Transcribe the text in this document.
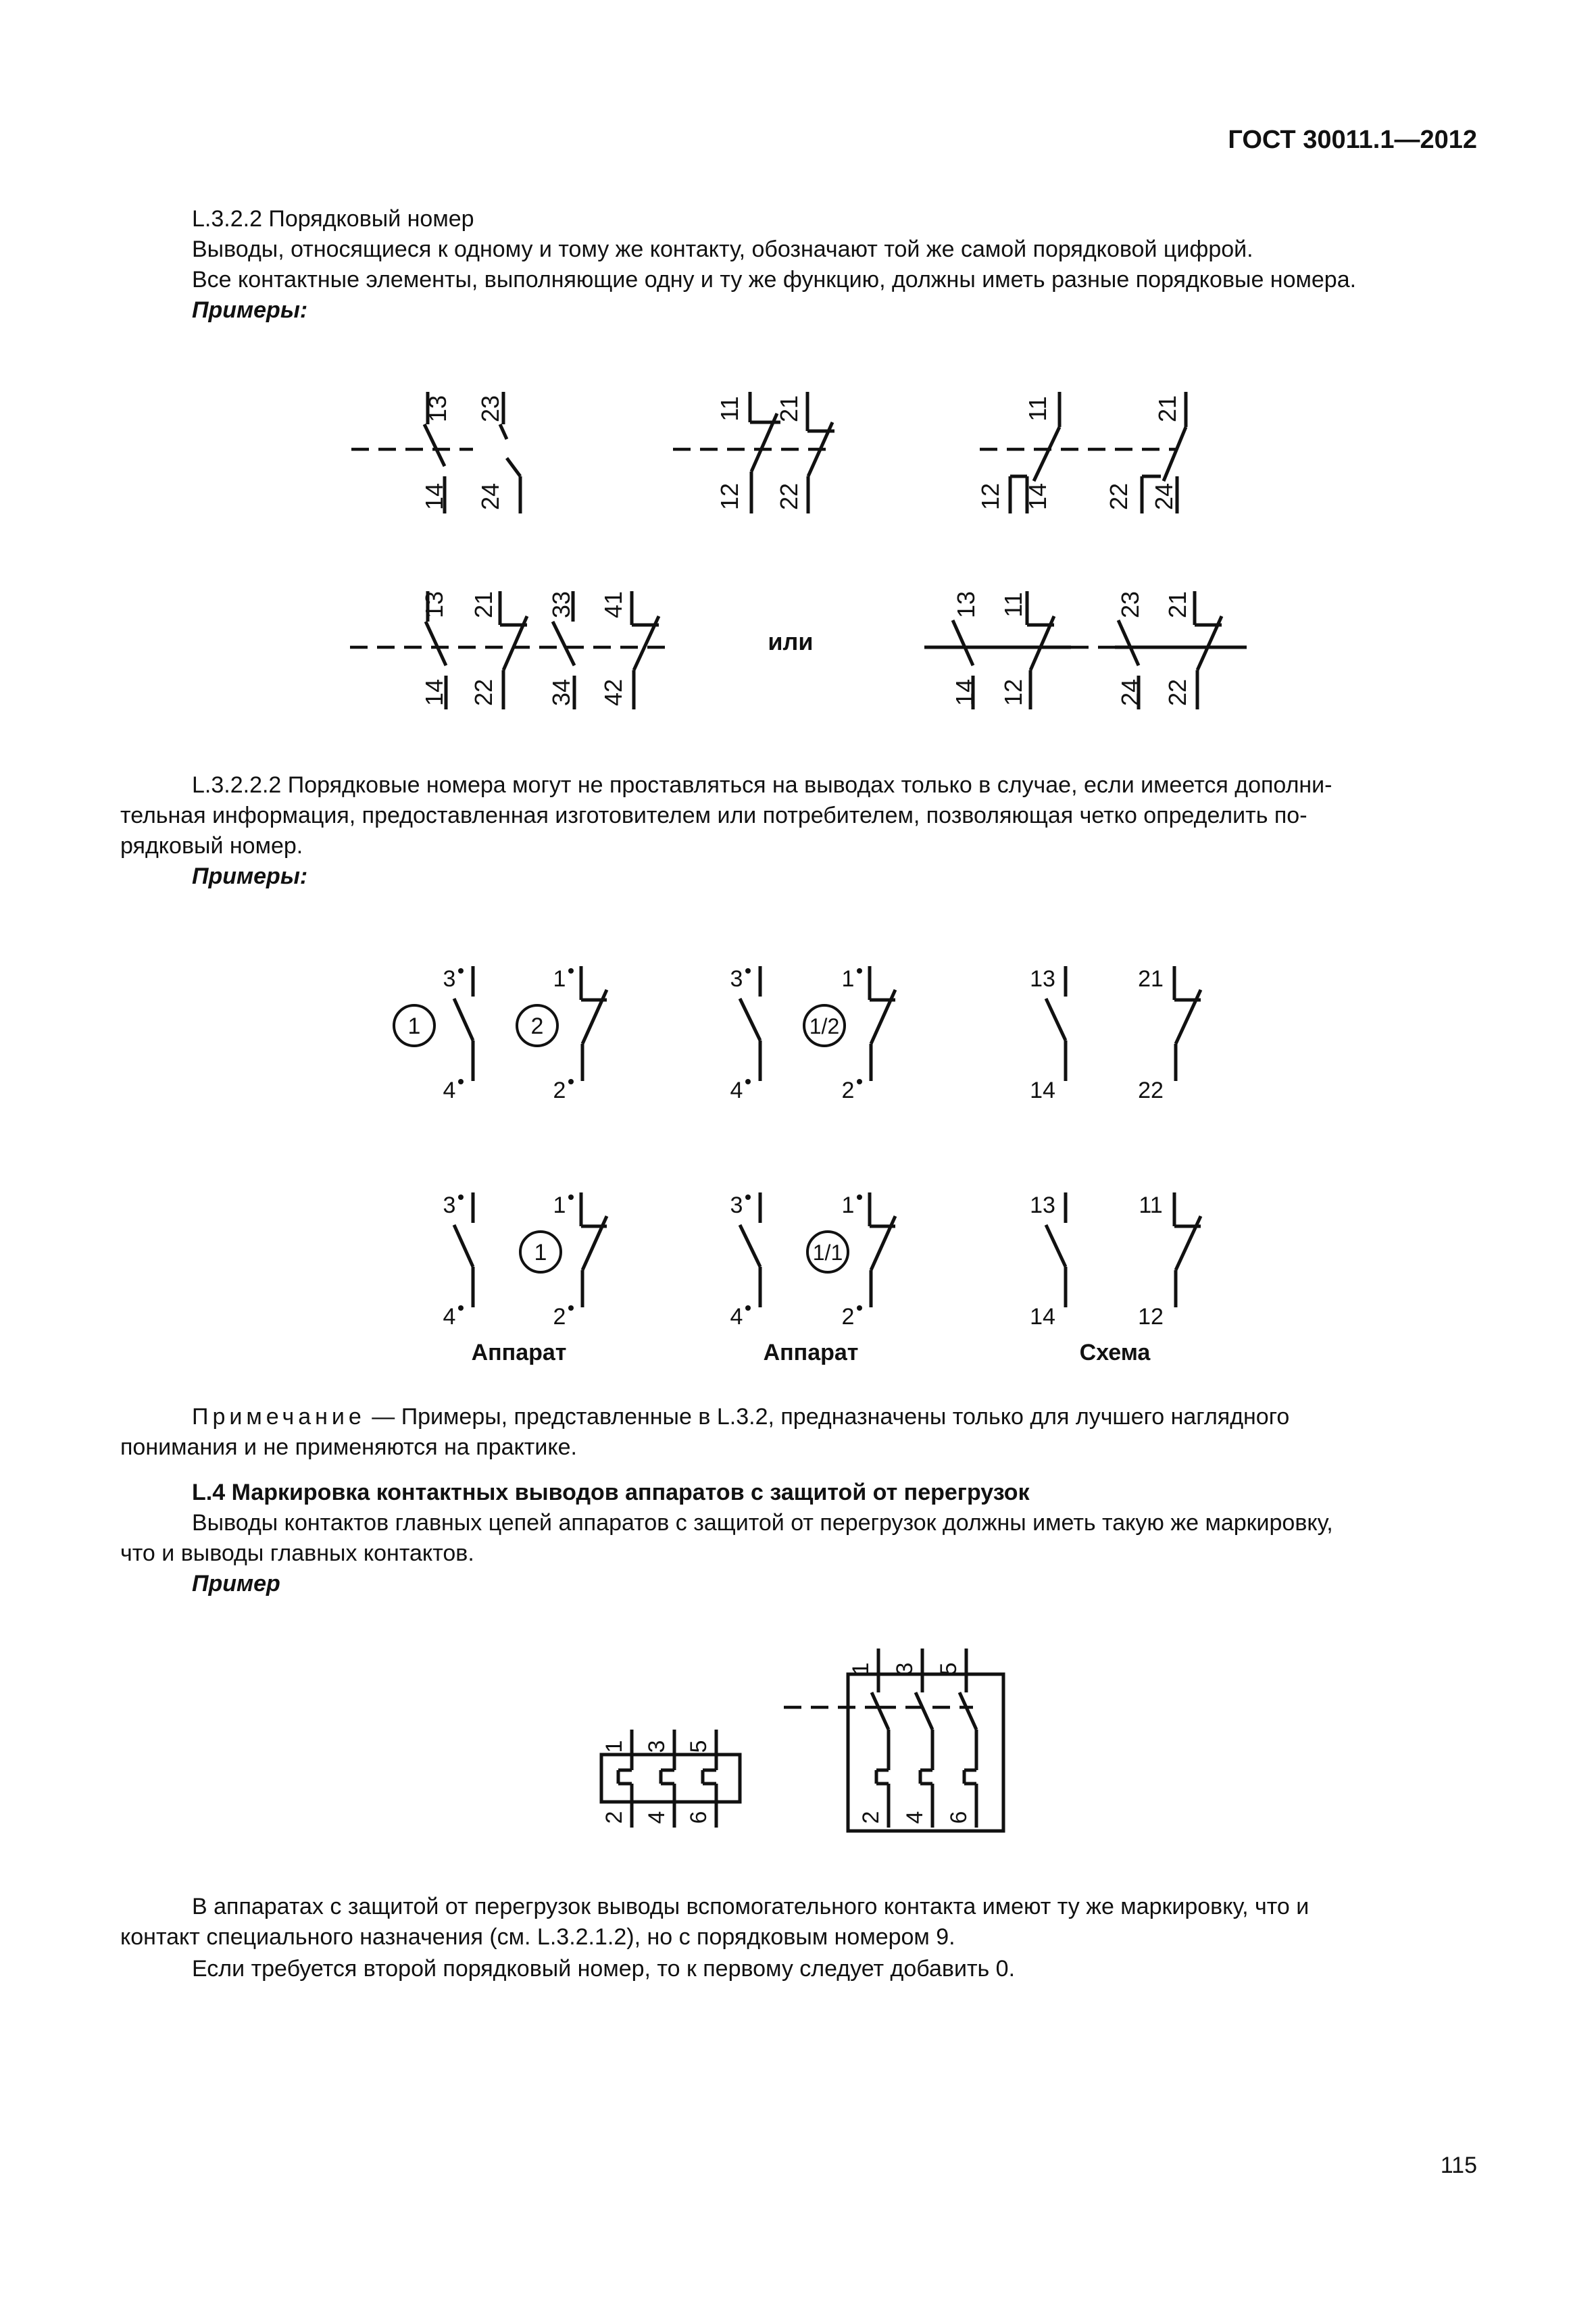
ГОСТ 30011.1—2012
L.3.2.2 Порядковый номер
Выводы, относящиеся к одному и тому же контакту, обозначают той же самой порядковой цифрой.
Все контактные элементы, выполняющие одну и ту же функцию, должны иметь разные порядковые номера.
Примеры:
13 23
14 24
11 21
12 22
11	21
12 14 22 24
13 21 33 41
14 22 34 42
или
13 11	23 21
14 12	24 22
L.3.2.2.2 Порядковые номера могут не проставляться на выводах только в случае, если имеется дополни-
тельная информация, предоставленная изготовителем или потребителем, позволяющая четко определить по-
рядковый номер.
Примеры:
3
4
1
2
1	2
3
4
1
2
1/2
13
14
21
22
3
4
1
2
1
3
4
1
2
1/1
13
14
11
12
Аппарат	Аппарат	Схема
Примечание — Примеры, представленные в L.3.2, предназначены только для лучшего наглядного
понимания и не применяются на практике.
L.4 Маркировка контактных выводов аппаратов с защитой от перегрузок
Выводы контактов главных цепей аппаратов с защитой от перегрузок должны иметь такую же маркировку,
что и выводы главных контактов.
Пример
1 3 5
2 4 6
1 3 5
2 4 6
В аппаратах с защитой от перегрузок выводы вспомогательного контакта имеют ту же маркировку, что и
контакт специального назначения (см. L.3.2.1.2), но с порядковым номером 9.
Если требуется второй порядковый номер, то к первому следует добавить 0.
115
